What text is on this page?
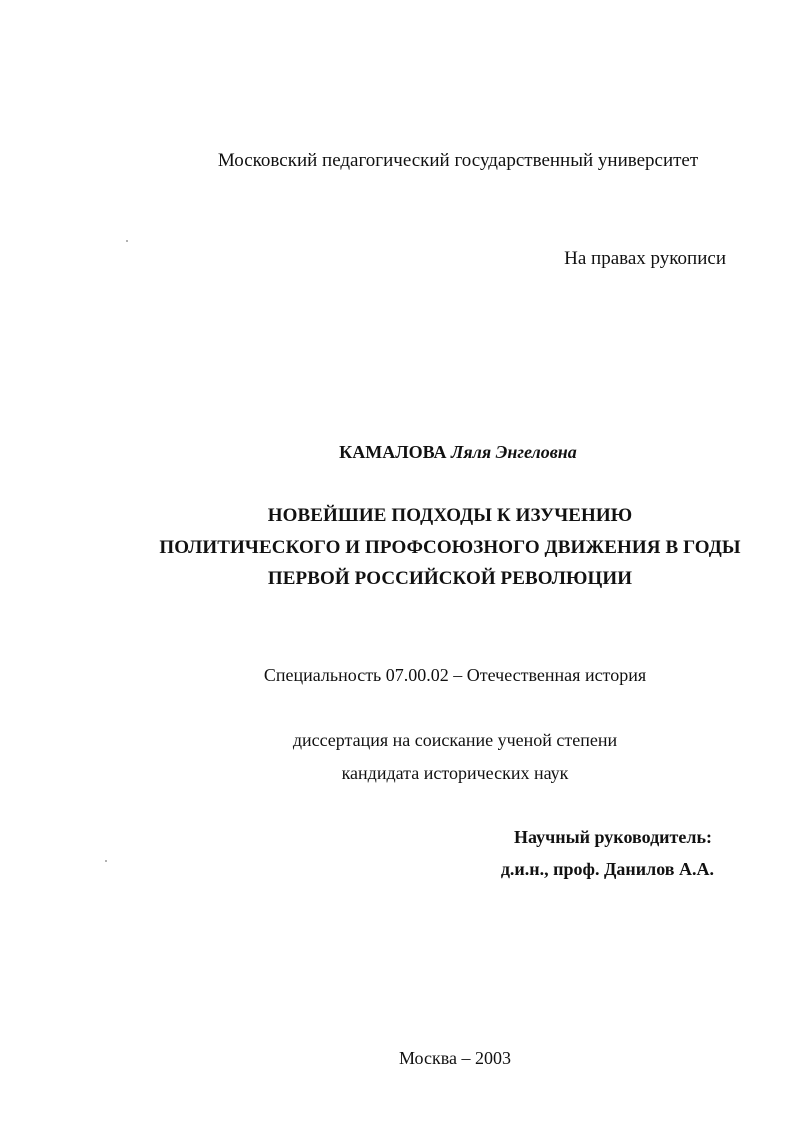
Московский педагогический государственный университет
На правах рукописи
КАМАЛОВА Ляля Энгеловна
НОВЕЙШИЕ ПОДХОДЫ К ИЗУЧЕНИЮ
ПОЛИТИЧЕСКОГО И ПРОФСОЮЗНОГО ДВИЖЕНИЯ В ГОДЫ
ПЕРВОЙ РОССИЙСКОЙ РЕВОЛЮЦИИ
Специальность 07.00.02 – Отечественная история
диссертация на соискание ученой степени
кандидата исторических наук
Научный руководитель:
д.и.н., проф. Данилов А.А.
Москва – 2003
